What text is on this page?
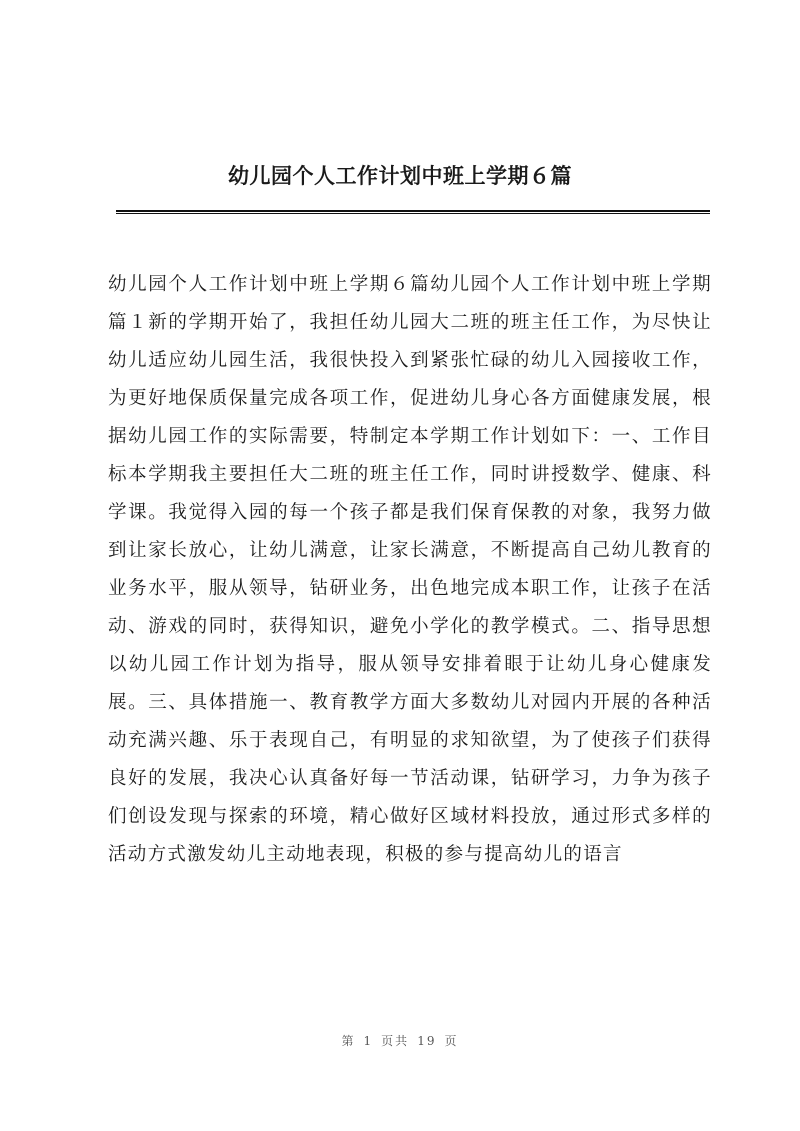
幼儿园个人工作计划中班上学期６篇

幼儿园个人工作计划中班上学期６篇幼儿园个人工作计划中班上学期篇１新的学期开始了，我担任幼儿园大二班的班主任工作，为尽快让幼儿适应幼儿园生活，我很快投入到紧张忙碌的幼儿入园接收工作，为更好地保质保量完成各项工作，促进幼儿身心各方面健康发展，根据幼儿园工作的实际需要，特制定本学期工作计划如下：一、工作目标本学期我主要担任大二班的班主任工作，同时讲授数学、健康、科学课。我觉得入园的每一个孩子都是我们保育保教的对象，我努力做到让家长放心，让幼儿满意，让家长满意，不断提高自己幼儿教育的业务水平，服从领导，钻研业务，出色地完成本职工作，让孩子在活动、游戏的同时，获得知识，避免小学化的教学模式。二、指导思想以幼儿园工作计划为指导，服从领导安排着眼于让幼儿身心健康发展。三、具体措施一、教育教学方面大多数幼儿对园内开展的各种活动充满兴趣、乐于表现自己，有明显的求知欲望，为了使孩子们获得良好的发展，我决心认真备好每一节活动课，钻研学习，力争为孩子们创设发现与探索的环境，精心做好区域材料投放，通过形式多样的活动方式激发幼儿主动地表现，积极的参与提高幼儿的语言

第 1 页共 19 页
